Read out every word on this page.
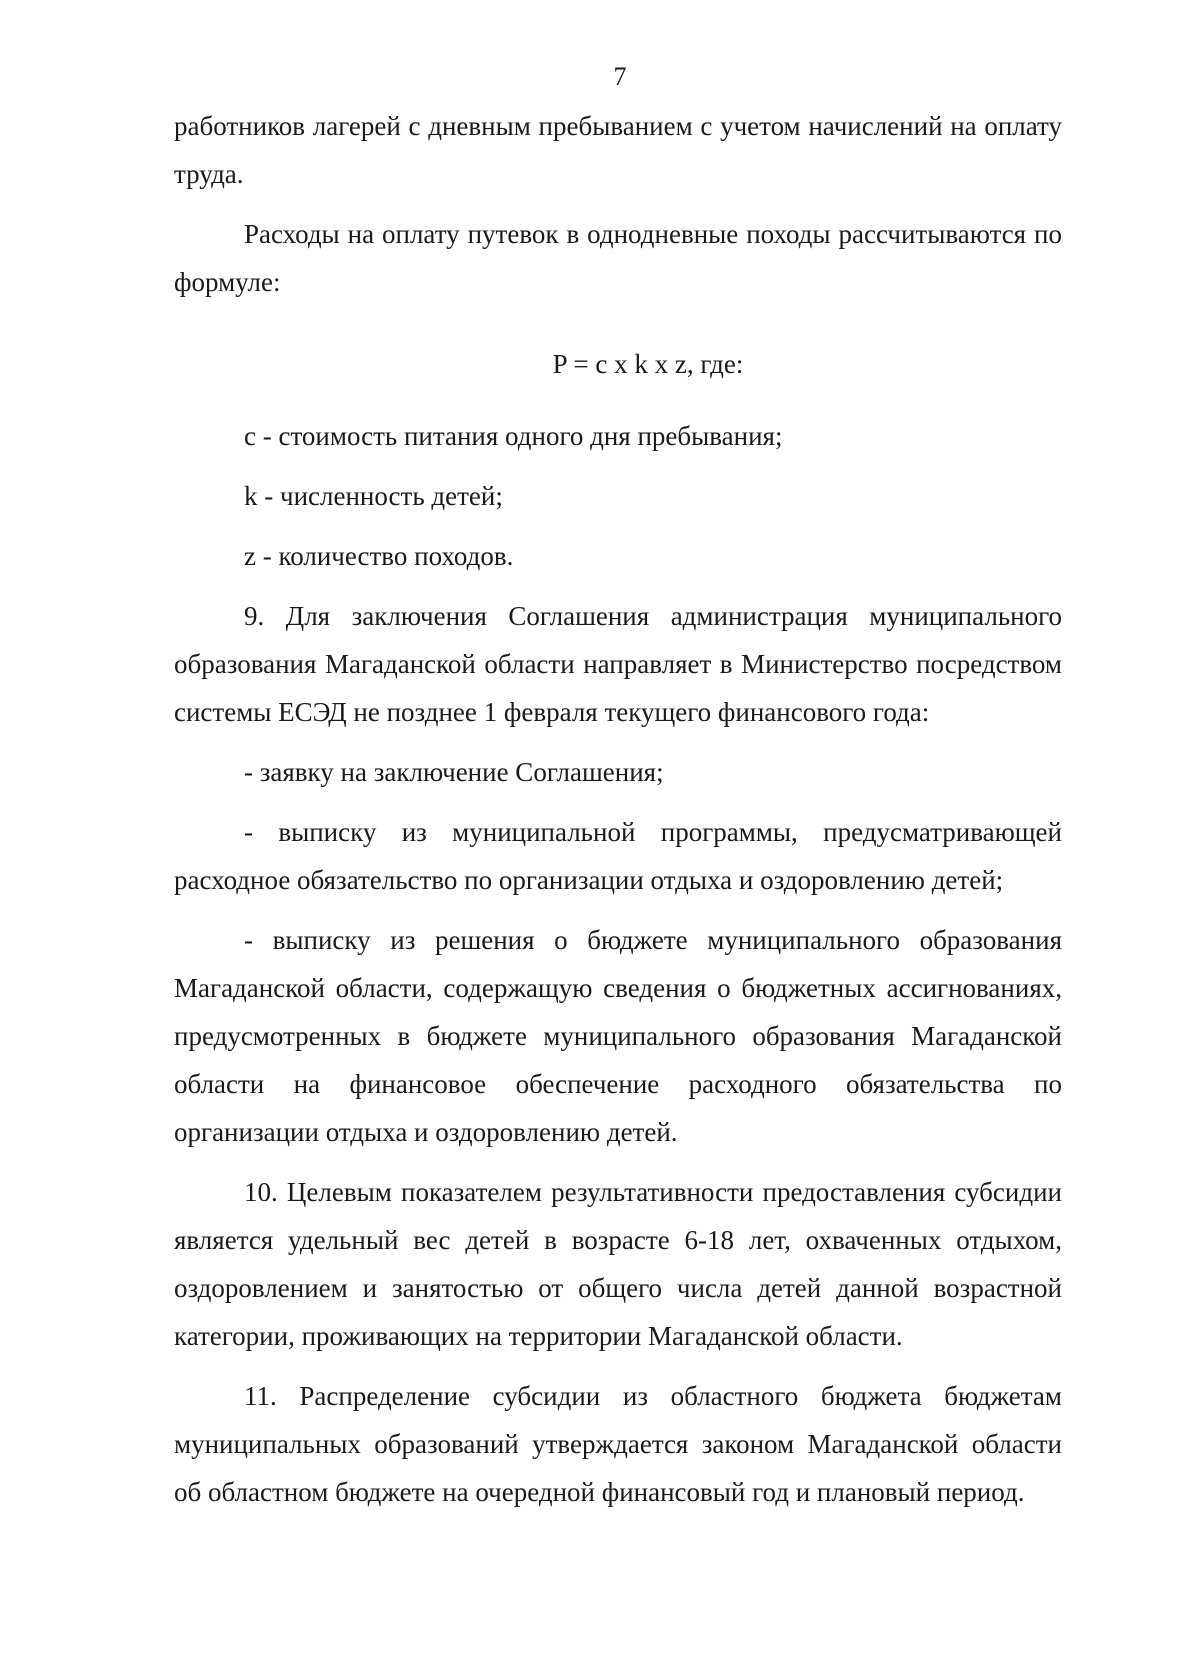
7

работников лагерей с дневным пребыванием с учетом начислений на оплату труда.

Расходы на оплату путевок в однодневные походы рассчитываются по формуле:

P = c x k x z, где:
c - стоимость питания одного дня пребывания;
k - численность детей;
z - количество походов.

9. Для заключения Соглашения администрация муниципального образования Магаданской области направляет в Министерство посредством системы ЕСЭД не позднее 1 февраля текущего финансового года:

- заявку на заключение Соглашения;

- выписку из муниципальной программы, предусматривающей расходное обязательство по организации отдыха и оздоровлению детей;

- выписку из решения о бюджете муниципального образования Магаданской области, содержащую сведения о бюджетных ассигнованиях, предусмотренных в бюджете муниципального образования Магаданской области на финансовое обеспечение расходного обязательства по организации отдыха и оздоровлению детей.

10. Целевым показателем результативности предоставления субсидии является удельный вес детей в возрасте 6-18 лет, охваченных отдыхом, оздоровлением и занятостью от общего числа детей данной возрастной категории, проживающих на территории Магаданской области.

11. Распределение субсидии из областного бюджета бюджетам муниципальных образований утверждается законом Магаданской области об областном бюджете на очередной финансовый год и плановый период.
